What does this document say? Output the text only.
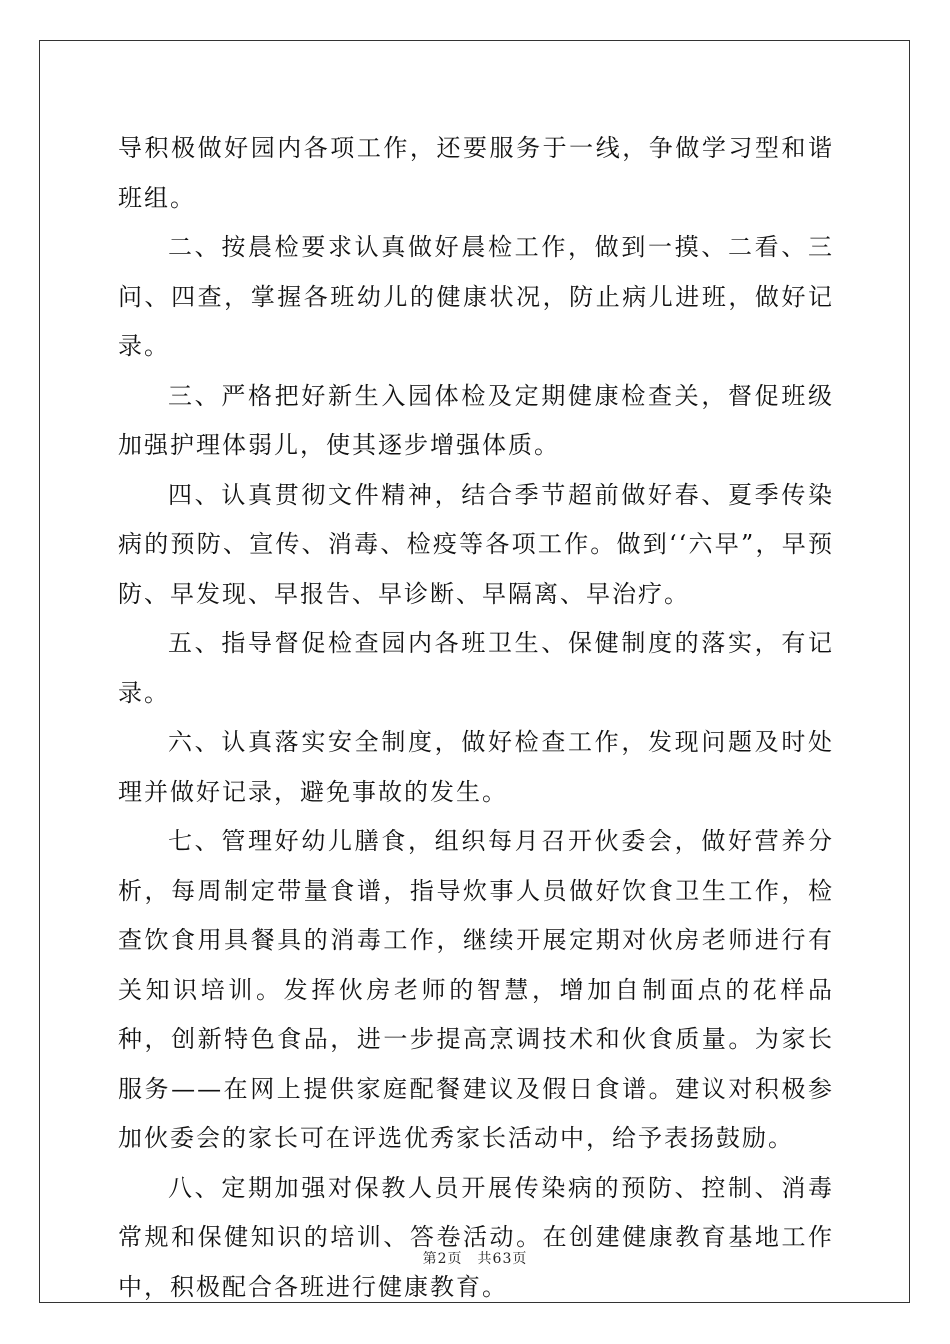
导积极做好园内各项工作，还要服务于一线，争做学习型和谐班组。

二、按晨检要求认真做好晨检工作，做到一摸、二看、三问、四查，掌握各班幼儿的健康状况，防止病儿进班，做好记录。

三、严格把好新生入园体检及定期健康检查关，督促班级加强护理体弱儿，使其逐步增强体质。

四、认真贯彻文件精神，结合季节超前做好春、夏季传染病的预防、宣传、消毒、检疫等各项工作。做到‘‘六早”，早预防、早发现、早报告、早诊断、早隔离、早治疗。

五、指导督促检查园内各班卫生、保健制度的落实，有记录。

六、认真落实安全制度，做好检查工作，发现问题及时处理并做好记录，避免事故的发生。

七、管理好幼儿膳食，组织每月召开伙委会，做好营养分析，每周制定带量食谱，指导炊事人员做好饮食卫生工作，检查饮食用具餐具的消毒工作，继续开展定期对伙房老师进行有关知识培训。发挥伙房老师的智慧，增加自制面点的花样品种，创新特色食品，进一步提高烹调技术和伙食质量。为家长服务——在网上提供家庭配餐建议及假日食谱。建议对积极参加伙委会的家长可在评选优秀家长活动中，给予表扬鼓励。

八、定期加强对保教人员开展传染病的预防、控制、消毒常规和保健知识的培训、答卷活动。在创建健康教育基地工作中，积极配合各班进行健康教育。

第2页　共63页
